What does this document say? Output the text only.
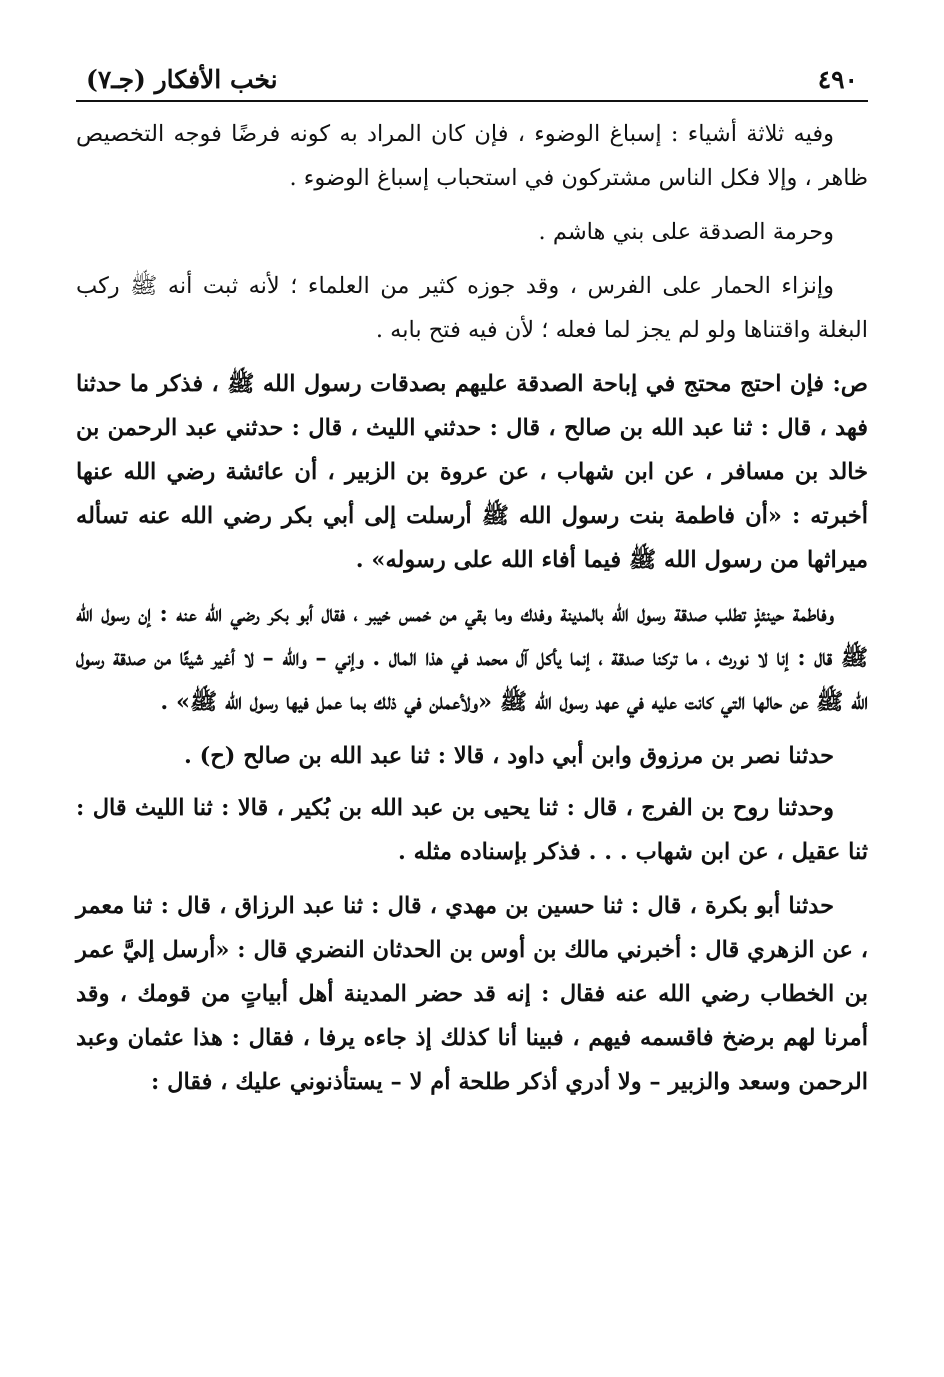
٤٩٠
نخب الأفكار (جـ٧)

وفيه ثلاثة أشياء : إسباغ الوضوء ، فإن كان المراد به كونه فرضًا فوجه التخصيص ظاهر ، وإلا فكل الناس مشتركون في استحباب إسباغ الوضوء .

وحرمة الصدقة على بني هاشم .

وإنزاء الحمار على الفرس ، وقد جوزه كثير من العلماء ؛ لأنه ثبت أنه ﷺ ركب البغلة واقتناها ولو لم يجز لما فعله ؛ لأن فيه فتح بابه .

ص: فإن احتج محتج في إباحة الصدقة عليهم بصدقات رسول الله ﷺ ، فذكر ما حدثنا فهد ، قال : ثنا عبد الله بن صالح ، قال : حدثني الليث ، قال : حدثني عبد الرحمن بن خالد بن مسافر ، عن ابن شهاب ، عن عروة بن الزبير ، أن عائشة رضي الله عنها أخبرته : «أن فاطمة بنت رسول الله ﷺ أرسلت إلى أبي بكر رضي الله عنه تسأله ميراثها من رسول الله ﷺ فيما أفاء الله على رسوله» .

وفاطمة حينئذٍ تطلب صدقة رسول الله بالمدينة وفدك وما بقي من خمس خيبر ، فقال أبو بكر رضي الله عنه : إن رسول الله ﷺ قال : إنا لا نورث ، ما تركنا صدقة ، إنما يأكل آل محمد في هذا المال . وإني – والله – لا أغير شيئًا من صدقة رسول الله ﷺ عن حالها التي كانت عليه في عهد رسول الله ﷺ «ولأعملن في ذلك بما عمل فيها رسول الله ﷺ» .

حدثنا نصر بن مرزوق وابن أبي داود ، قالا : ثنا عبد الله بن صالح (ح) .

وحدثنا روح بن الفرج ، قال : ثنا يحيى بن عبد الله بن بُكير ، قالا : ثنا الليث قال : ثنا عقيل ، عن ابن شهاب . . . فذكر بإسناده مثله .

حدثنا أبو بكرة ، قال : ثنا حسين بن مهدي ، قال : ثنا عبد الرزاق ، قال : ثنا معمر ، عن الزهري قال : أخبرني مالك بن أوس بن الحدثان النضري قال : «أرسل إليَّ عمر بن الخطاب رضي الله عنه فقال : إنه قد حضر المدينة أهل أبياتٍ من قومك ، وقد أمرنا لهم برضخ فاقسمه فيهم ، فبينا أنا كذلك إذ جاءه يرفا ، فقال : هذا عثمان وعبد الرحمن وسعد والزبير – ولا أدري أذكر طلحة أم لا – يستأذنوني عليك ، فقال :
